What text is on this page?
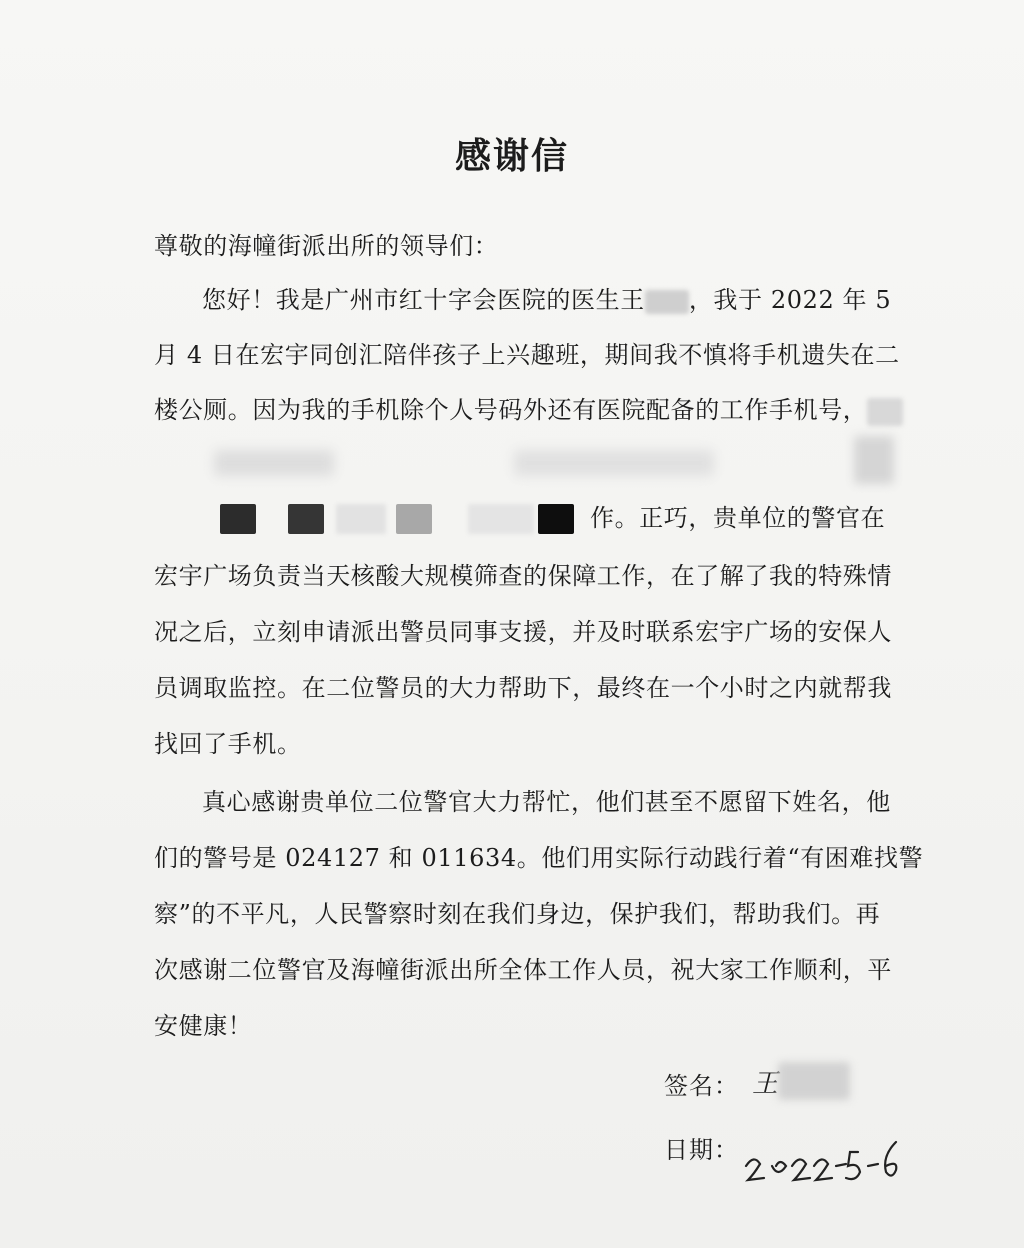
感谢信
尊敬的海幢街派出所的领导们：
您好！我是广州市红十字会医院的医生王 ，我于 2022 年 5
月 4 日在宏宇同创汇陪伴孩子上兴趣班，期间我不慎将手机遗失在二
楼公厕。因为我的手机除个人号码外还有医院配备的工作手机号，
作。正巧，贵单位的警官在
宏宇广场负责当天核酸大规模筛查的保障工作，在了解了我的特殊情
况之后，立刻申请派出警员同事支援，并及时联系宏宇广场的安保人
员调取监控。在二位警员的大力帮助下，最终在一个小时之内就帮我
找回了手机。
真心感谢贵单位二位警官大力帮忙，他们甚至不愿留下姓名，他
们的警号是 024127 和 011634。他们用实际行动践行着“有困难找警
察”的不平凡，人民警察时刻在我们身边，保护我们，帮助我们。再
次感谢二位警官及海幢街派出所全体工作人员，祝大家工作顺利，平
安健康！
签名： 王
日期：
